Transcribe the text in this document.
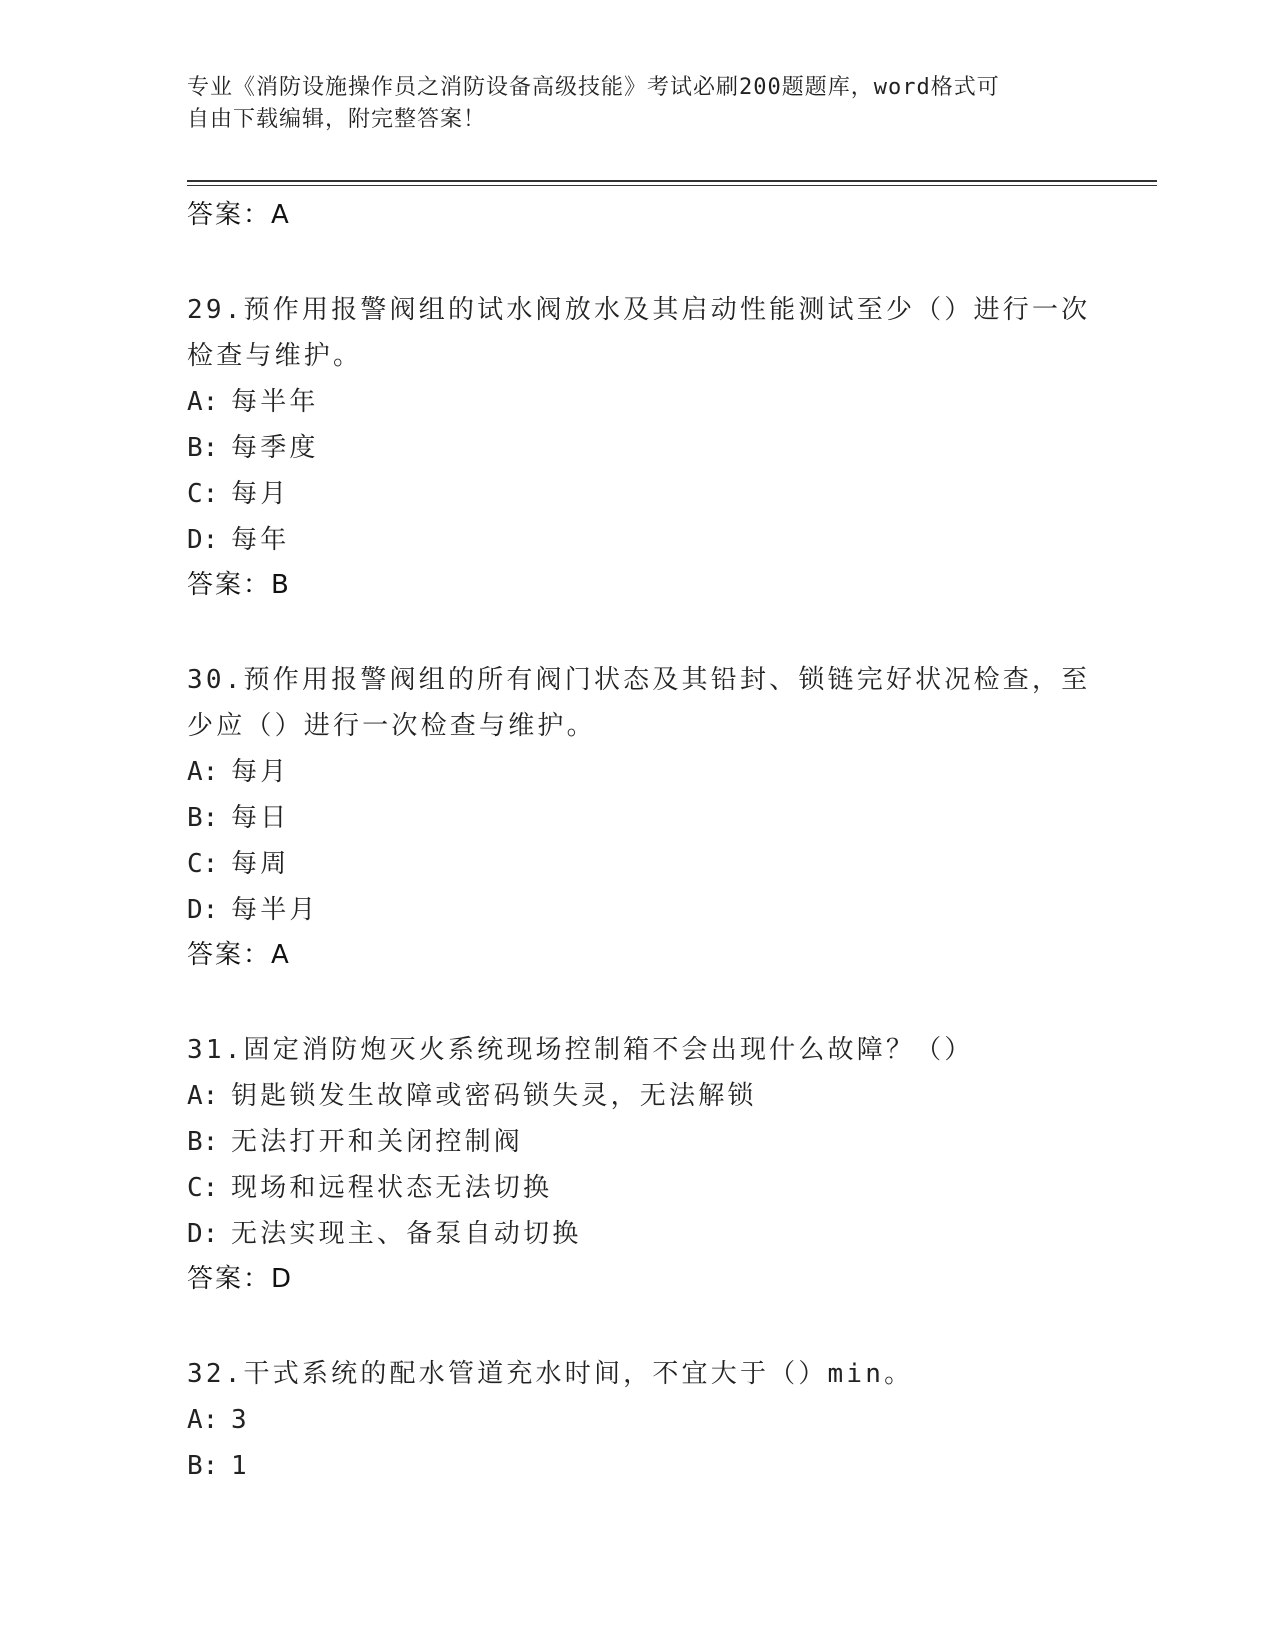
专业《消防设施操作员之消防设备高级技能》考试必刷200题题库，word格式可
自由下载编辑，附完整答案！
答案：A
29.预作用报警阀组的试水阀放水及其启动性能测试至少（）进行一次
检查与维护。
A: 每半年
B: 每季度
C: 每月
D: 每年
答案：B
30.预作用报警阀组的所有阀门状态及其铅封、锁链完好状况检查，至
少应（）进行一次检查与维护。
A: 每月
B: 每日
C: 每周
D: 每半月
答案：A
31.固定消防炮灭火系统现场控制箱不会出现什么故障？（）
A: 钥匙锁发生故障或密码锁失灵，无法解锁
B: 无法打开和关闭控制阀
C: 现场和远程状态无法切换
D: 无法实现主、备泵自动切换
答案：D
32.干式系统的配水管道充水时间，不宜大于（）min。
A: 3
B: 1
